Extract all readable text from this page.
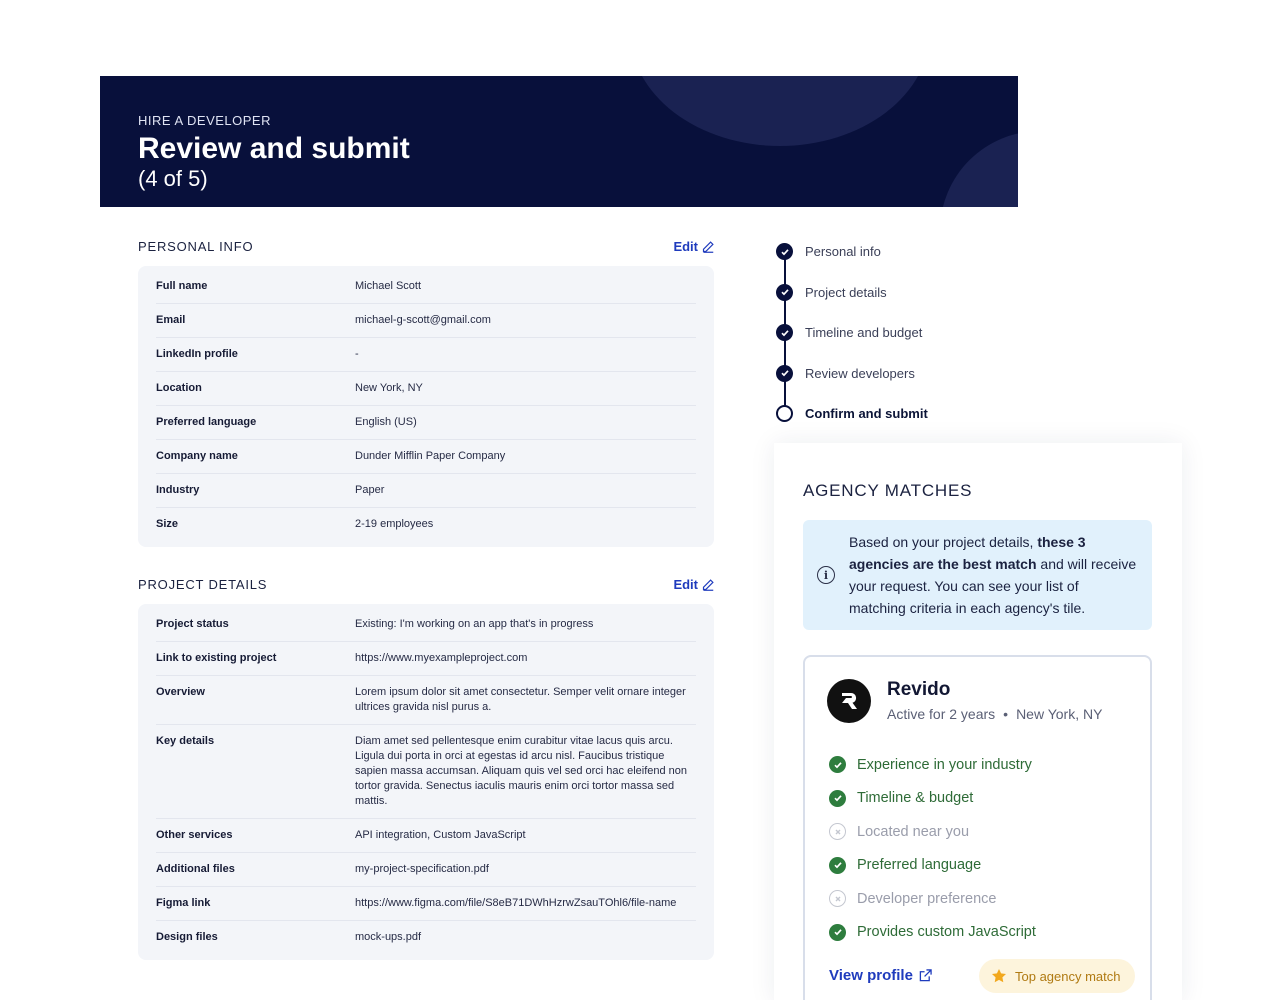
HIRE A DEVELOPER
Review and submit
(4 of 5)
PERSONAL INFO	Edit
Full name	Michael Scott
Email	michael-g-scott@gmail.com
LinkedIn profile	-
Location	New York, NY
Preferred language	English (US)
Company name	Dunder Mifflin Paper Company
Industry	Paper
Size	2-19 employees
PROJECT DETAILS	Edit
Project status	Existing: I'm working on an app that's in progress
Link to existing project	https://www.myexampleproject.com
Overview	Lorem ipsum dolor sit amet consectetur. Semper velit ornare integer ultrices gravida nisl purus a.
Key details	Diam amet sed pellentesque enim curabitur vitae lacus quis arcu. Ligula dui porta in orci at egestas id arcu nisl. Faucibus tristique sapien massa accumsan. Aliquam quis vel sed orci hac eleifend non tortor gravida. Senectus iaculis mauris enim orci tortor massa sed mattis.
Other services	API integration, Custom JavaScript
Additional files	my-project-specification.pdf
Figma link	https://www.figma.com/file/S8eB71DWhHzrwZsauTOhl6/file-name
Design files	mock-ups.pdf
Personal info
Project details
Timeline and budget
Review developers
Confirm and submit
AGENCY MATCHES
i
Based on your project details, these 3 agencies are the best match and will receive your request. You can see your list of matching criteria in each agency's tile.
Revido
Active for 2 years • New York, NY
Experience in your industry
Timeline & budget
Located near you
Preferred language
Developer preference
Provides custom JavaScript
View profile	Top agency match
